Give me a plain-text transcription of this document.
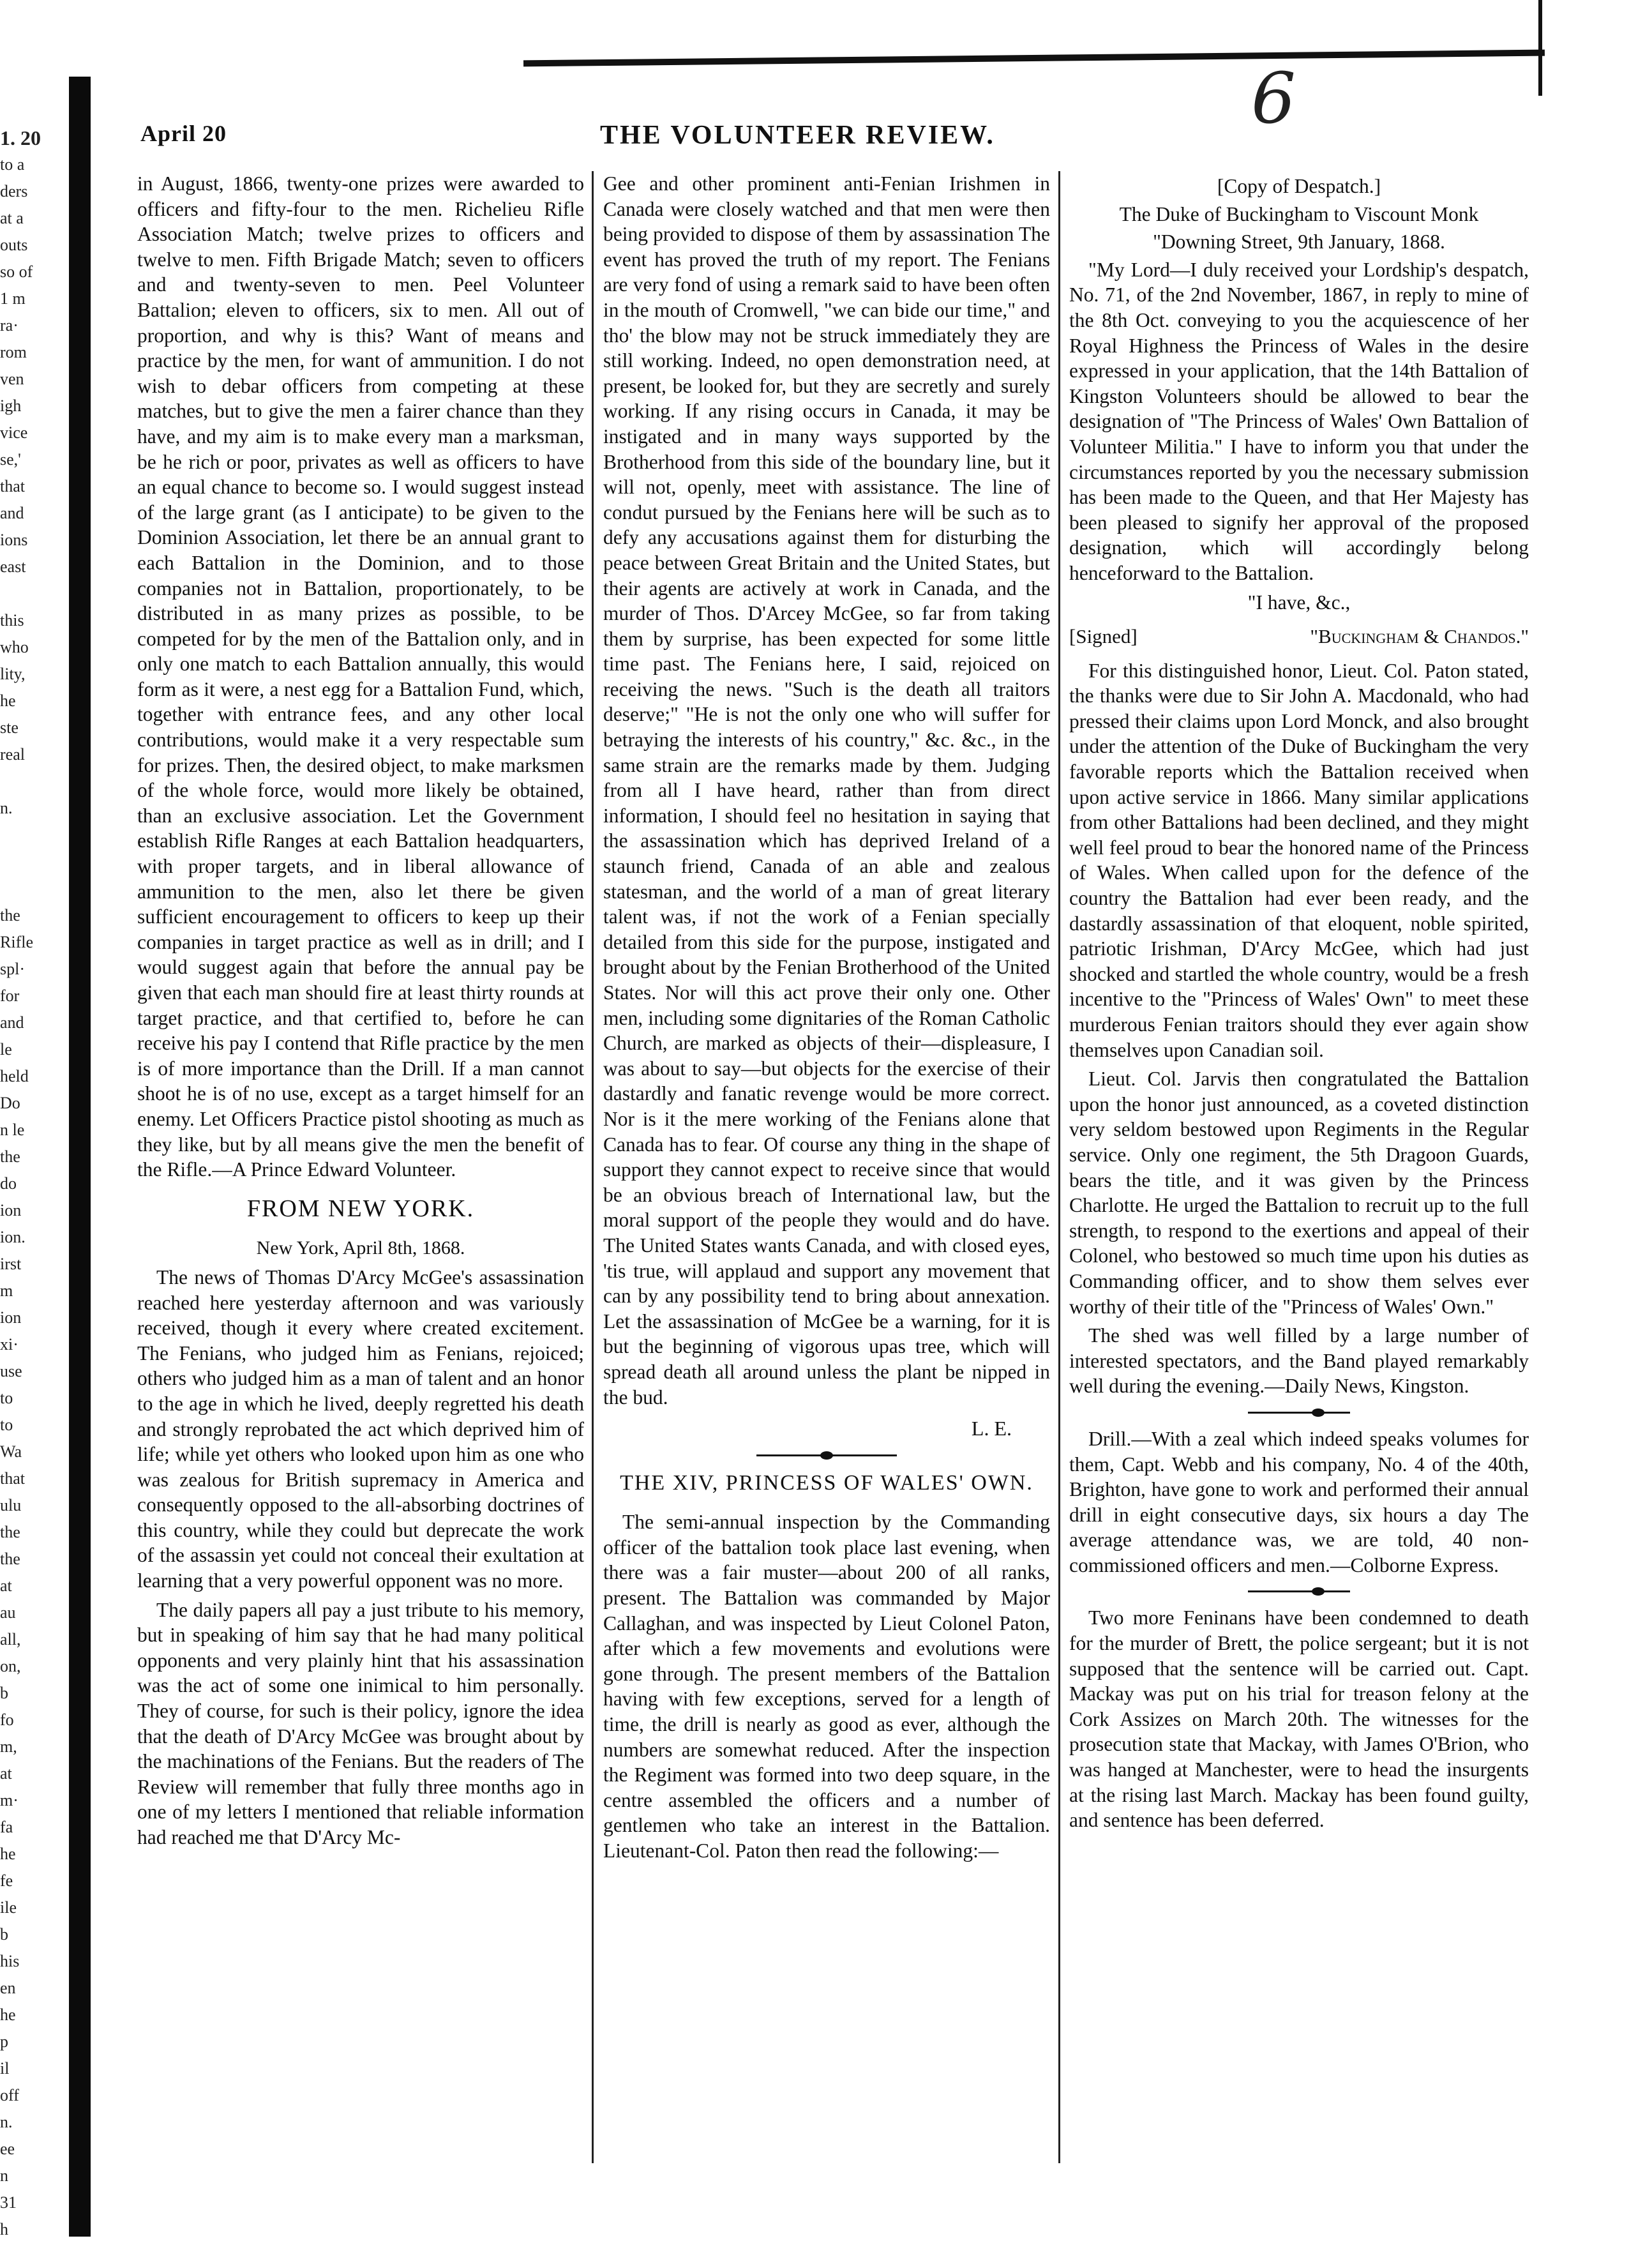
1. 20
to a
ders
at a
outs
so of
1 m
ra·
rom
ven
igh
vice
se,'
that
and
ions
east

this
who
lity,
he
ste
real

n.

the
Rifle
spl·
for
and
le
held
Do
n le
the
do
ion
ion.
irst
m
ion
xi·
use
to
to
Wa
that
ulu
the
the
at
au
all,
on,
b
fo
m,
at
m·
fa
he
fe
ile
b
his
en
he
p
il
off
n.
ee
n
31
h
6
April 20	THE VOLUNTEER REVIEW.

in August, 1866, twenty-one prizes were awarded to officers and fifty-four to the men. Richelieu Rifle Association Match; twelve prizes to officers and twelve to men. Fifth Brigade Match; seven to officers and and twenty-seven to men. Peel Volunteer Battalion; eleven to officers, six to men. All out of proportion, and why is this? Want of means and practice by the men, for want of ammunition. I do not wish to debar officers from competing at these matches, but to give the men a fairer chance than they have, and my aim is to make every man a marksman, be he rich or poor, privates as well as officers to have an equal chance to become so. I would suggest instead of the large grant (as I anticipate) to be given to the Dominion Association, let there be an annual grant to each Battalion in the Dominion, and to those companies not in Battalion, proportionately, to be distributed in as many prizes as possible, to be competed for by the men of the Battalion only, and in only one match to each Battalion annually, this would form as it were, a nest egg for a Battalion Fund, which, together with entrance fees, and any other local contributions, would make it a very respectable sum for prizes. Then, the desired object, to make marksmen of the whole force, would more likely be obtained, than an exclusive association. Let the Government establish Rifle Ranges at each Battalion headquarters, with proper targets, and in liberal allowance of ammunition to the men, also let there be given sufficient encouragement to officers to keep up their companies in target practice as well as in drill; and I would suggest again that before the annual pay be given that each man should fire at least thirty rounds at target practice, and that certified to, before he can receive his pay I contend that Rifle practice by the men is of more importance than the Drill. If a man cannot shoot he is of no use, except as a target himself for an enemy. Let Officers Practice pistol shooting as much as they like, but by all means give the men the benefit of the Rifle.—A Prince Edward Volunteer.

FROM NEW YORK.
New York, April 8th, 1868.

The news of Thomas D'Arcy McGee's assassination reached here yesterday afternoon and was variously received, though it every where created excitement. The Fenians, who judged him as Fenians, rejoiced; others who judged him as a man of talent and an honor to the age in which he lived, deeply regretted his death and strongly reprobated the act which deprived him of life; while yet others who looked upon him as one who was zealous for British supremacy in America and consequently opposed to the all-absorbing doctrines of this country, while they could but deprecate the work of the assassin yet could not conceal their exultation at learning that a very powerful opponent was no more.

The daily papers all pay a just tribute to his memory, but in speaking of him say that he had many political opponents and very plainly hint that his assassination was the act of some one inimical to him personally. They of course, for such is their policy, ignore the idea that the death of D'Arcy McGee was brought about by the machinations of the Fenians. But the readers of The Review will remember that fully three months ago in one of my letters I mentioned that reliable information had reached me that D'Arcy Mc-

Gee and other prominent anti-Fenian Irishmen in Canada were closely watched and that men were then being provided to dispose of them by assassination The event has proved the truth of my report. The Fenians are very fond of using a remark said to have been often in the mouth of Cromwell, "we can bide our time," and tho' the blow may not be struck immediately they are still working. Indeed, no open demonstration need, at present, be looked for, but they are secretly and surely working. If any rising occurs in Canada, it may be instigated and in many ways supported by the Brotherhood from this side of the boundary line, but it will not, openly, meet with assistance. The line of condut pursued by the Fenians here will be such as to defy any accusations against them for disturbing the peace between Great Britain and the United States, but their agents are actively at work in Canada, and the murder of Thos. D'Arcey McGee, so far from taking them by surprise, has been expected for some little time past. The Fenians here, I said, rejoiced on receiving the news. "Such is the death all traitors deserve;" "He is not the only one who will suffer for betraying the interests of his country," &c. &c., in the same strain are the remarks made by them. Judging from all I have heard, rather than from direct information, I should feel no hesitation in saying that the assassination which has deprived Ireland of a staunch friend, Canada of an able and zealous statesman, and the world of a man of great literary talent was, if not the work of a Fenian specially detailed from this side for the purpose, instigated and brought about by the Fenian Brotherhood of the United States. Nor will this act prove their only one. Other men, including some dignitaries of the Roman Catholic Church, are marked as objects of their—displeasure, I was about to say—but objects for the exercise of their dastardly and fanatic revenge would be more correct. Nor is it the mere working of the Fenians alone that Canada has to fear. Of course any thing in the shape of support they cannot expect to receive since that would be an obvious breach of International law, but the moral support of the people they would and do have. The United States wants Canada, and with closed eyes, 'tis true, will applaud and support any movement that can by any possibility tend to bring about annexation. Let the assassination of McGee be a warning, for it is but the beginning of vigorous upas tree, which will spread death all around unless the plant be nipped in the bud.

L. E.
THE XIV, PRINCESS OF WALES' OWN.

The semi-annual inspection by the Commanding officer of the battalion took place last evening, when there was a fair muster—about 200 of all ranks, present. The Battalion was commanded by Major Callaghan, and was inspected by Lieut Colonel Paton, after which a few movements and evolutions were gone through. The present members of the Battalion having with few exceptions, served for a length of time, the drill is nearly as good as ever, although the numbers are somewhat reduced. After the inspection the Regiment was formed into two deep square, in the centre assembled the officers and a number of gentlemen who take an interest in the Battalion. Lieutenant-Col. Paton then read the following:—

[Copy of Despatch.]
The Duke of Buckingham to Viscount Monk
"Downing Street, 9th January, 1868.

"My Lord—I duly received your Lordship's despatch, No. 71, of the 2nd November, 1867, in reply to mine of the 8th Oct. conveying to you the acquiescence of her Royal Highness the Princess of Wales in the desire expressed in your application, that the 14th Battalion of Kingston Volunteers should be allowed to bear the designation of "The Princess of Wales' Own Battalion of Volunteer Militia." I have to inform you that under the circumstances reported by you the necessary submission has been made to the Queen, and that Her Majesty has been pleased to signify her approval of the proposed designation, which will accordingly belong henceforward to the Battalion.

"I have, &c.,
[Signed]	"Buckingham & Chandos."

For this distinguished honor, Lieut. Col. Paton stated, the thanks were due to Sir John A. Macdonald, who had pressed their claims upon Lord Monck, and also brought under the attention of the Duke of Buckingham the very favorable reports which the Battalion received when upon active service in 1866. Many similar applications from other Battalions had been declined, and they might well feel proud to bear the honored name of the Princess of Wales. When called upon for the defence of the country the Battalion had ever been ready, and the dastardly assassination of that eloquent, noble spirited, patriotic Irishman, D'Arcy McGee, which had just shocked and startled the whole country, would be a fresh incentive to the "Princess of Wales' Own" to meet these murderous Fenian traitors should they ever again show themselves upon Canadian soil.

Lieut. Col. Jarvis then congratulated the Battalion upon the honor just announced, as a coveted distinction very seldom bestowed upon Regiments in the Regular service. Only one regiment, the 5th Dragoon Guards, bears the title, and it was given by the Princess Charlotte. He urged the Battalion to recruit up to the full strength, to respond to the exertions and appeal of their Colonel, who bestowed so much time upon his duties as Commanding officer, and to show them selves ever worthy of their title of the "Princess of Wales' Own."

The shed was well filled by a large number of interested spectators, and the Band played remarkably well during the evening.—Daily News, Kingston.

Drill.—With a zeal which indeed speaks volumes for them, Capt. Webb and his company, No. 4 of the 40th, Brighton, have gone to work and performed their annual drill in eight consecutive days, six hours a day The average attendance was, we are told, 40 non-commissioned officers and men.—Colborne Express.

Two more Feninans have been condemned to death for the murder of Brett, the police sergeant; but it is not supposed that the sentence will be carried out. Capt. Mackay was put on his trial for treason felony at the Cork Assizes on March 20th. The witnesses for the prosecution state that Mackay, with James O'Brion, who was hanged at Manchester, were to head the insurgents at the rising last March. Mackay has been found guilty, and sentence has been deferred.
